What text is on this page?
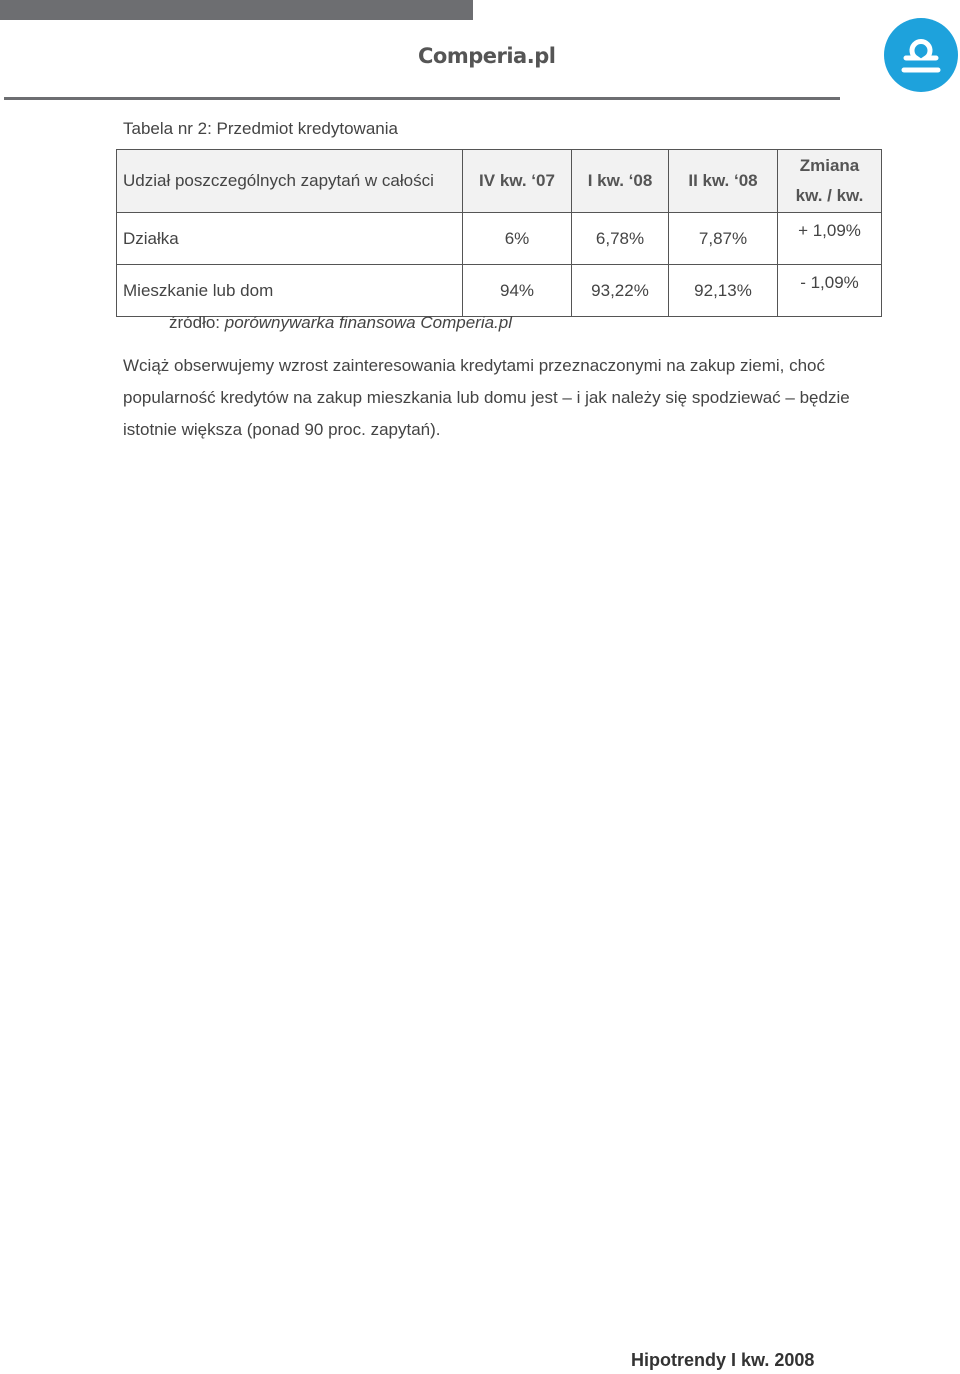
Comperia.pl
Tabela nr 2: Przedmiot kredytowania
Udział poszczególnych zapytań w całości	IV kw. ‘07	I kw. ‘08	II kw. ‘08	Zmiana
kw. / kw.

Działka	6%	6,78%	7,87%	+ 1,09%
Mieszkanie lub dom	94%	93,22%	92,13%	- 1,09%
źródło: porównywarka finansowa Comperia.pl
Wciąż obserwujemy wzrost zainteresowania kredytami przeznaczonymi na zakup ziemi, choć popularność kredytów na zakup mieszkania lub domu jest – i jak należy się spodziewać – będzie istotnie większa (ponad 90 proc. zapytań).
Hipotrendy I kw. 2008
